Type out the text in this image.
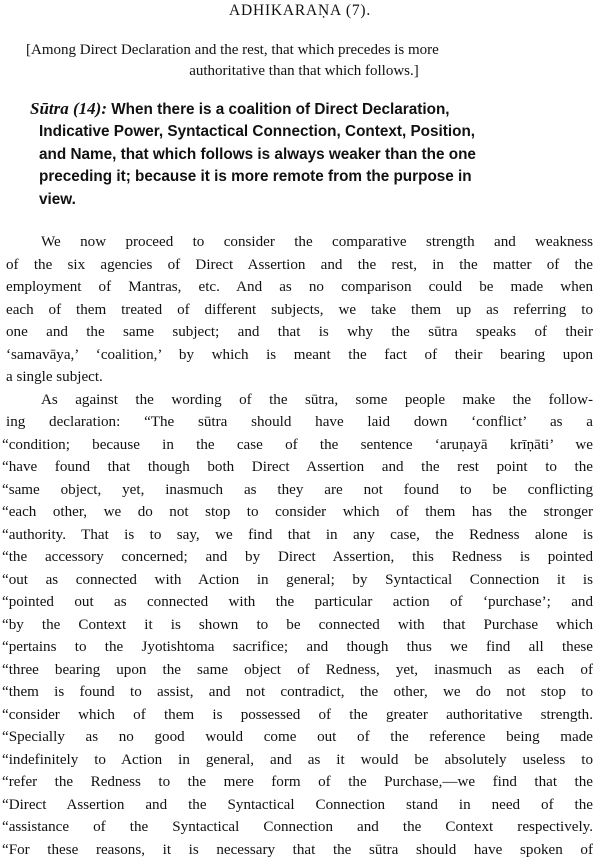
ADHIKARAṆA (7).
[Among Direct Declaration and the rest, that which precedes is more
authoritative than that which follows.]
Sūtra (14): When there is a coalition of Direct Declaration,
Indicative Power, Syntactical Connection, Context, Position,
and Name, that which follows is always weaker than the one
preceding it; because it is more remote from the purpose in
view.
We now proceed to consider the comparative strength and weakness
of the six agencies of Direct Assertion and the rest, in the matter of the
employment of Mantras, etc. And as no comparison could be made when
each of them treated of different subjects, we take them up as referring to
one and the same subject; and that is why the sūtra speaks of their
‘samavāya,’ ‘coalition,’ by which is meant the fact of their bearing upon
a single subject.
As against the wording of the sūtra, some people make the follow-
ing declaration: “The sūtra should have laid down ‘conflict’ as a
“condition; because in the case of the sentence ‘aruṇayā krīṇāti’ we
“have found that though both Direct Assertion and the rest point to the
“same object, yet, inasmuch as they are not found to be conflicting
“each other, we do not stop to consider which of them has the stronger
“authority. That is to say, we find that in any case, the Redness alone is
“the accessory concerned; and by Direct Assertion, this Redness is pointed
“out as connected with Action in general; by Syntactical Connection it is
“pointed out as connected with the particular action of ‘purchase’; and
“by the Context it is shown to be connected with that Purchase which
“pertains to the Jyotishtoma sacrifice; and though thus we find all these
“three bearing upon the same object of Redness, yet, inasmuch as each of
“them is found to assist, and not contradict, the other, we do not stop to
“consider which of them is possessed of the greater authoritative strength.
“Specially as no good would come out of the reference being made
“indefinitely to Action in general, and as it would be absolutely useless to
“refer the Redness to the mere form of the Purchase,—we find that the
“Direct Assertion and the Syntactical Connection stand in need of the
“assistance of the Syntactical Connection and the Context respectively.
“For these reasons, it is necessary that the sūtra should have spoken of
